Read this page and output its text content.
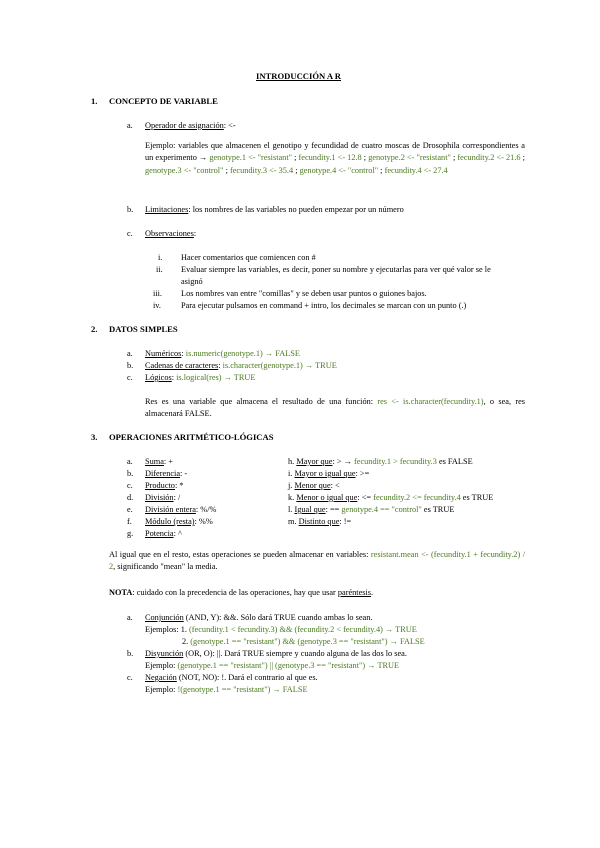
INTRODUCCIÓN A R
1. CONCEPTO DE VARIABLE
a. Operador de asignación: <-
Ejemplo: variables que almacenen el genotipo y fecundidad de cuatro moscas de Drosophila correspondientes a un experimento → genotype.1 <- "resistant" ; fecundity.1 <- 12.8 ; genotype.2 <- "resistant" ; fecundity.2 <- 21.6 ; genotype.3 <- "control" ; fecundity.3 <- 35.4 ; genotype.4 <- "control" ; fecundity.4 <- 27.4
b. Limitaciones: los nombres de las variables no pueden empezar por un número
c. Observaciones:
i. Hacer comentarios que comiencen con #
ii. Evaluar siempre las variables, es decir, poner su nombre y ejecutarlas para ver qué valor se le
asignó
iii. Los nombres van entre "comillas" y se deben usar puntos o guiones bajos.
iv. Para ejecutar pulsamos en command + intro, los decimales se marcan con un punto (.)
2. DATOS SIMPLES
a. Numéricos: is.numeric(genotype.1) → FALSE
b. Cadenas de caracteres: is.character(genotype.1) → TRUE
c. Lógicos: is.logical(res) → TRUE
Res es una variable que almacena el resultado de una función: res <- is.character(fecundity.1), o sea, res almacenará FALSE.
3. OPERACIONES ARITMÉTICO-LÓGICAS
a. Suma: +
b. Diferencia: -
c. Producto: *
d. División: /
e. División entera: %/%
f. Módulo (resta): %%
g. Potencia: ^
h. Mayor que: > → fecundity.1 > fecundity.3 es FALSE
i. Mayor o igual que: >=
j. Menor que: <
k. Menor o igual que: <= fecundity.2 <= fecundity.4 es TRUE
l. Igual que: == genotype.4 == "control" es TRUE
m. Distinto que: !=
Al igual que en el resto, estas operaciones se pueden almacenar en variables: resistant.mean <- (fecundity.1 + fecundity.2) / 2, significando "mean" la media.
NOTA: cuidado con la precedencia de las operaciones, hay que usar paréntesis.
a. Conjunción (AND, Y): &&. Sólo dará TRUE cuando ambas lo sean.
Ejemplos: 1. (fecundity.1 < fecundity.3) && (fecundity.2 < fecundity.4) → TRUE
2. (genotype.1 == "resistant") && (genotype.3 == "resistant") → FALSE
b. Disyunción (OR, O): ||. Dará TRUE siempre y cuando alguna de las dos lo sea.
Ejemplo: (genotype.1 == "resistant") || (genotype.3 == "resistant") → TRUE
c. Negación (NOT, NO): !. Dará el contrario al que es.
Ejemplo: !(genotype.1 == "resistant") → FALSE
